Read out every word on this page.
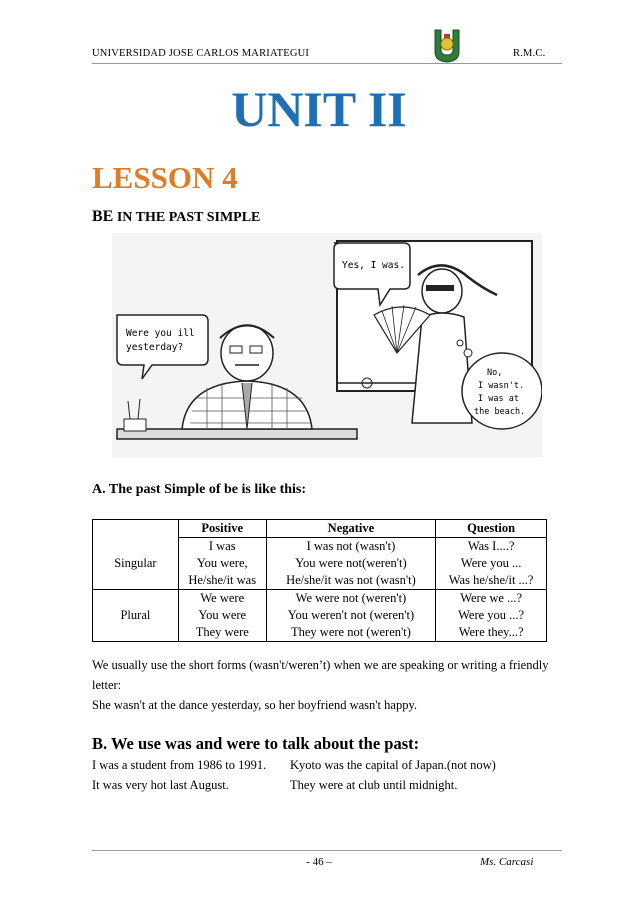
UNIVERSIDAD JOSE CARLOS MARIATEGUI	R.M.C.
UNIT II
LESSON 4
BE IN THE PAST SIMPLE
Were you ill
yesterday?
Yes, I was.
No,
I wasn't.
I was at
the beach.
A. The past Simple of be is like this:
	Positive	Negative	Question
Singular	I was	I was not (wasn't)	Was I....?
	You were,	You were not(weren't)	Were you ...
	He/she/it was	He/she/it was not (wasn't)	Was he/she/it ...?
Plural	We were	We were not (weren't)	Were we ...?
	You were	You weren't not (weren't)	Were you ...?
	They were	They were not (weren't)	Were they...?
We usually use the short forms (wasn't/weren’t) when we are speaking or writing a friendly
letter:
She wasn't at the dance yesterday, so her boyfriend wasn't happy.
B. We use was and were to talk about the past:
I was a student from 1986 to 1991.
It was very hot last August.
Kyoto was the capital of Japan.(not now)
They were at club until midnight.
- 46 –	Ms. Carcasi
